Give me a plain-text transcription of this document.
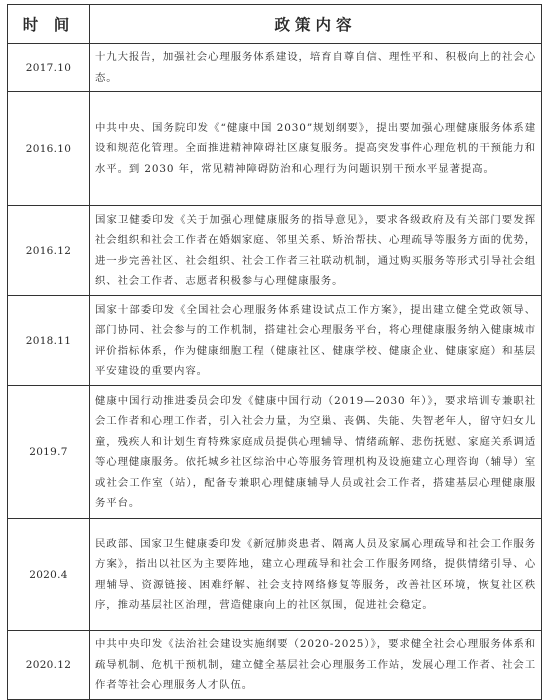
时 间	政策内容
2017.10	十九大报告，加强社会心理服务体系建设，培育自尊自信、理性平和、积极向上的社会心态。
2016.10	中共中央、国务院印发《“健康中国 2030”规划纲要》，提出要加强心理健康服务体系建设和规范化管理。全面推进精神障碍社区康复服务。提高突发事件心理危机的干预能力和水平。到 2030 年，常见精神障碍防治和心理行为问题识别干预水平显著提高。
2016.12	国家卫健委印发《关于加强心理健康服务的指导意见》，要求各级政府及有关部门要发挥社会组织和社会工作者在婚姻家庭、邻里关系、矫治帮扶、心理疏导等服务方面的优势，进一步完善社区、社会组织、社会工作者三社联动机制，通过购买服务等形式引导社会组织、社会工作者、志愿者积极参与心理健康服务。
2018.11	国家十部委印发《全国社会心理服务体系建设试点工作方案》，提出建立健全党政领导、部门协同、社会参与的工作机制，搭建社会心理服务平台，将心理健康服务纳入健康城市评价指标体系，作为健康细胞工程（健康社区、健康学校、健康企业、健康家庭）和基层平安建设的重要内容。
2019.7	健康中国行动推进委员会印发《健康中国行动（2019—2030 年）》，要求培训专兼职社会工作者和心理工作者，引入社会力量，为空巢、丧偶、失能、失智老年人，留守妇女儿童，残疾人和计划生育特殊家庭成员提供心理辅导、情绪疏解、悲伤抚慰、家庭关系调适等心理健康服务。依托城乡社区综治中心等服务管理机构及设施建立心理咨询（辅导）室或社会工作室（站），配备专兼职心理健康辅导人员或社会工作者，搭建基层心理健康服务平台。
2020.4	民政部、国家卫生健康委印发《新冠肺炎患者、隔离人员及家属心理疏导和社会工作服务方案》，指出以社区为主要阵地，建立心理疏导和社会工作服务网络，提供情绪引导、心理辅导、资源链接、困难纾解、社会支持网络修复等服务，改善社区环境，恢复社区秩序，推动基层社区治理，营造健康向上的社区氛围，促进社会稳定。
2020.12	中共中央印发《法治社会建设实施纲要（2020-2025）》，要求健全社会心理服务体系和疏导机制、危机干预机制，建立健全基层社会心理服务工作站，发展心理工作者、社会工作者等社会心理服务人才队伍。
